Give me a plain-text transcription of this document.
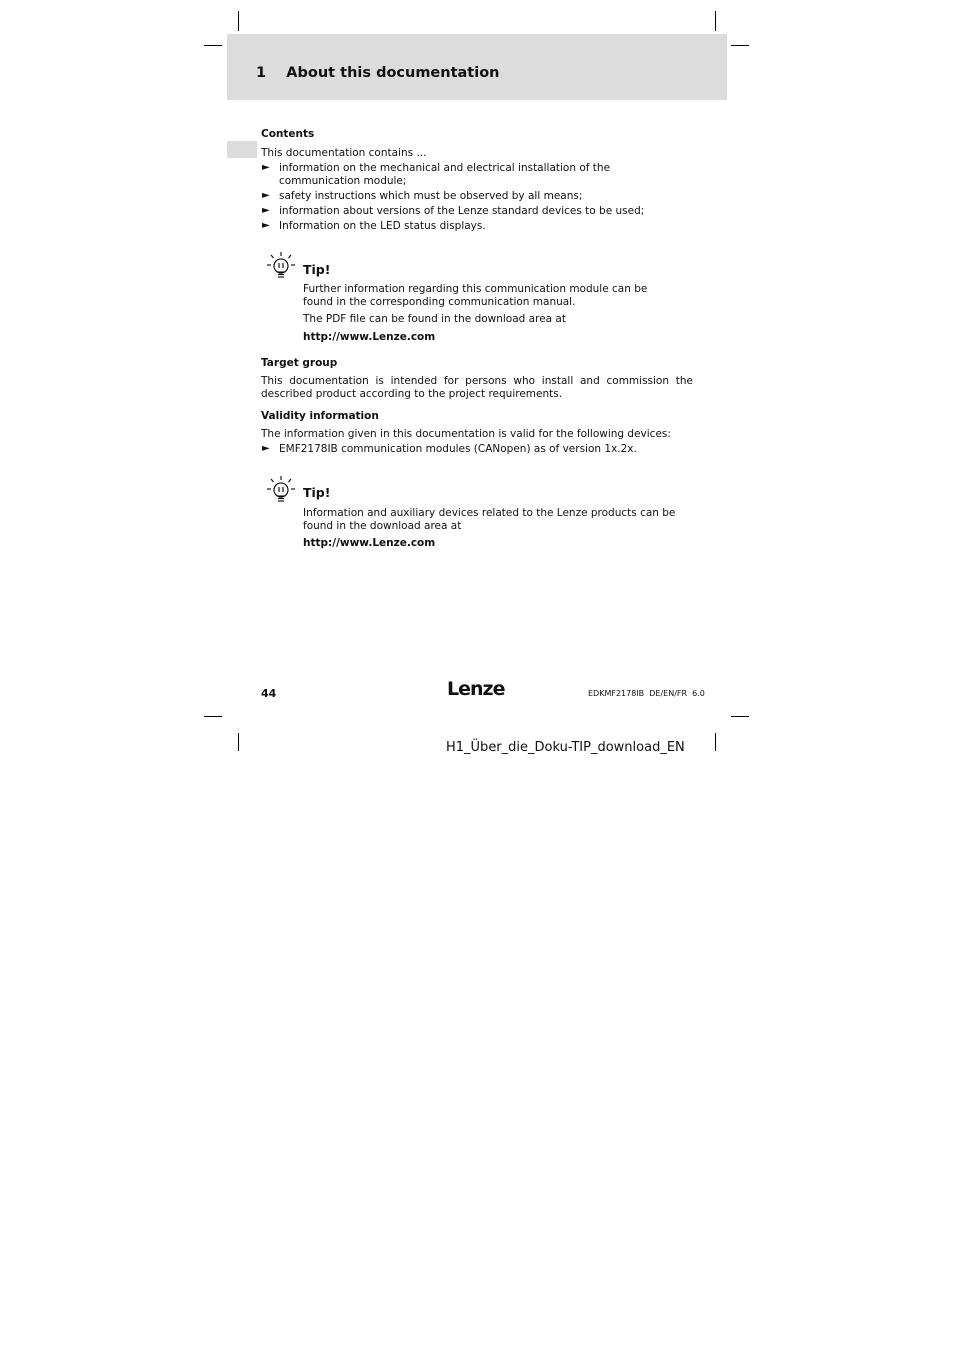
1 About this documentation
Contents
This documentation contains ...
► information on the mechanical and electrical installation of the communication module;
► safety instructions which must be observed by all means;
► information about versions of the Lenze standard devices to be used;
► Information on the LED status displays.
Tip!
Further information regarding this communication module can be found in the corresponding communication manual.
The PDF file can be found in the download area at
http://www.Lenze.com
Target group
This documentation is intended for persons who install and commission the described product according to the project requirements.
Validity information
The information given in this documentation is valid for the following devices:
► EMF2178IB communication modules (CANopen) as of version 1x.2x.
Tip!
Information and auxiliary devices related to the Lenze products can be found in the download area at
http://www.Lenze.com
44	Lenze	EDKMF2178IB  DE/EN/FR  6.0
H1_Über_die_Doku-TIP_download_EN
